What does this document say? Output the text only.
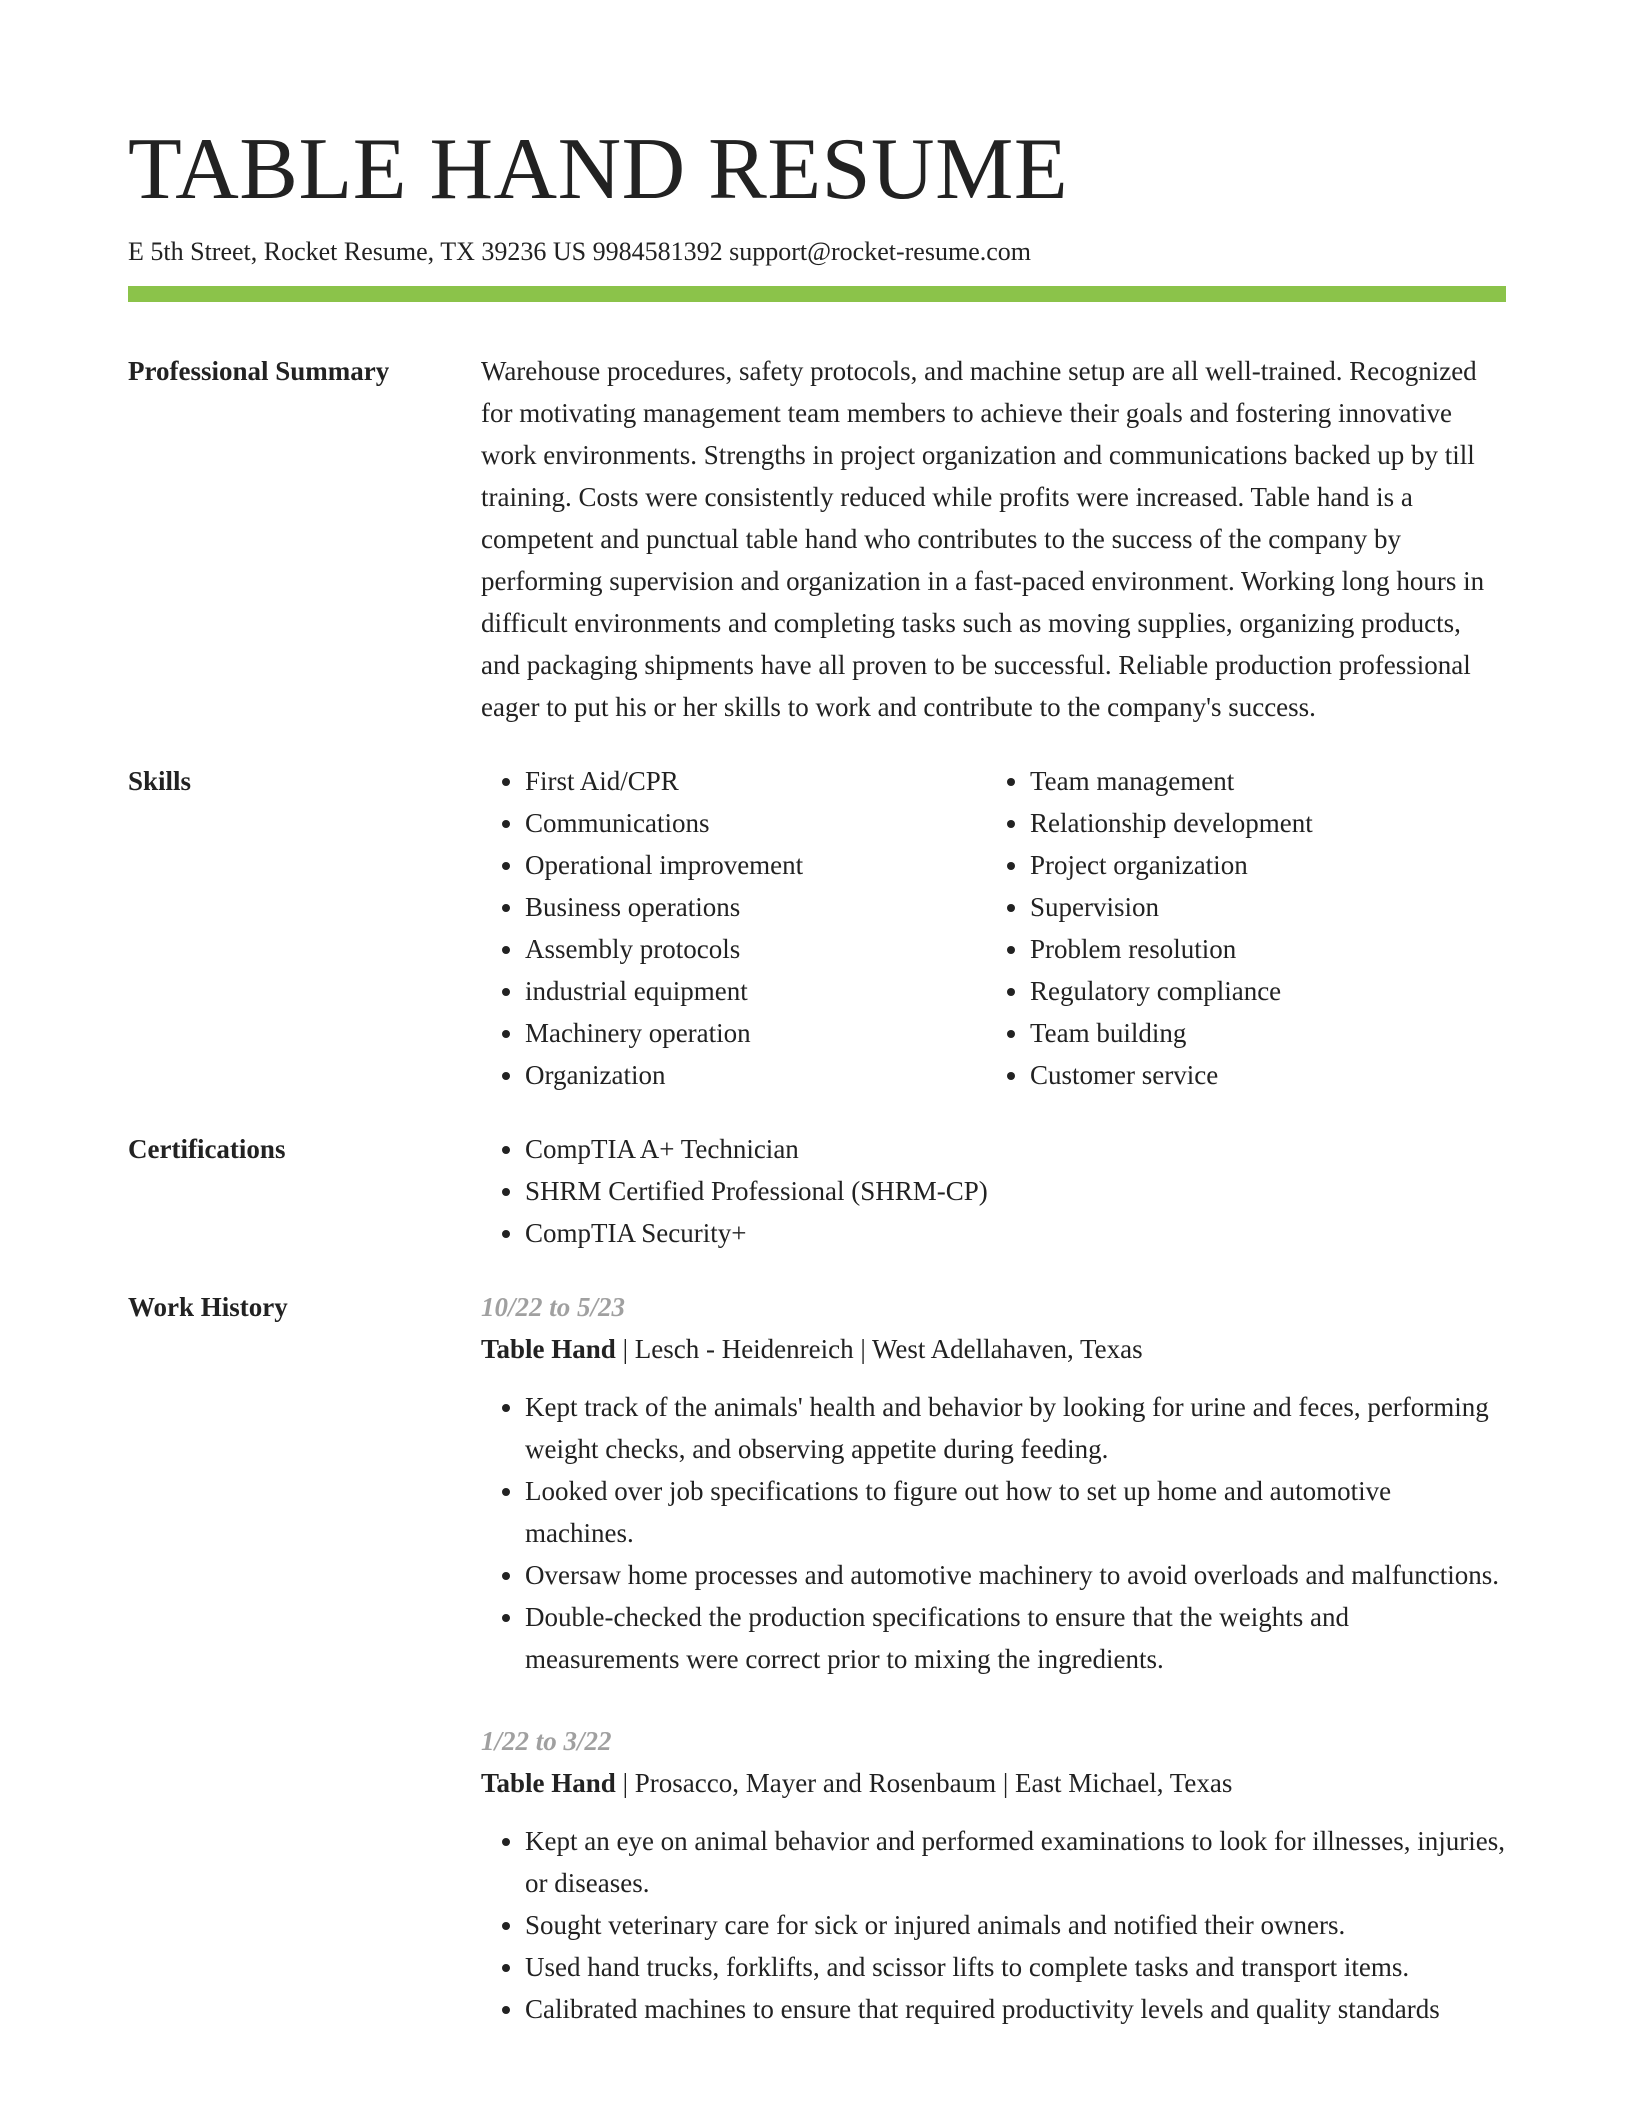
TABLE HAND RESUME
E 5th Street, Rocket Resume, TX 39236 US 9984581392 support@rocket-resume.com
Professional Summary	Warehouse procedures, safety protocols, and machine setup are all well-trained. Recognized for motivating management team members to achieve their goals and fostering innovative work environments. Strengths in project organization and communications backed up by till training. Costs were consistently reduced while profits were increased. Table hand is a competent and punctual table hand who contributes to the success of the company by performing supervision and organization in a fast-paced environment. Working long hours in difficult environments and completing tasks such as moving supplies, organizing products, and packaging shipments have all proven to be successful. Reliable production professional eager to put his or her skills to work and contribute to the company's success.

Skills	• First Aid/CPR
• Communications
• Operational improvement
• Business operations
• Assembly protocols
• industrial equipment
• Machinery operation
• Organization
• Team management
• Relationship development
• Project organization
• Supervision
• Problem resolution
• Regulatory compliance
• Team building
• Customer service
Certifications	• CompTIA A+ Technician
• SHRM Certified Professional (SHRM-CP)
• CompTIA Security+
Work History	10/22 to 5/23
Table Hand | Lesch - Heidenreich | West Adellahaven, Texas
• Kept track of the animals' health and behavior by looking for urine and feces, performing weight checks, and observing appetite during feeding.
• Looked over job specifications to figure out how to set up home and automotive machines.
• Oversaw home processes and automotive machinery to avoid overloads and malfunctions.
• Double-checked the production specifications to ensure that the weights and measurements were correct prior to mixing the ingredients.
1/22 to 3/22
Table Hand | Prosacco, Mayer and Rosenbaum | East Michael, Texas
• Kept an eye on animal behavior and performed examinations to look for illnesses, injuries, or diseases.
• Sought veterinary care for sick or injured animals and notified their owners.
• Used hand trucks, forklifts, and scissor lifts to complete tasks and transport items.
• Calibrated machines to ensure that required productivity levels and quality standards
